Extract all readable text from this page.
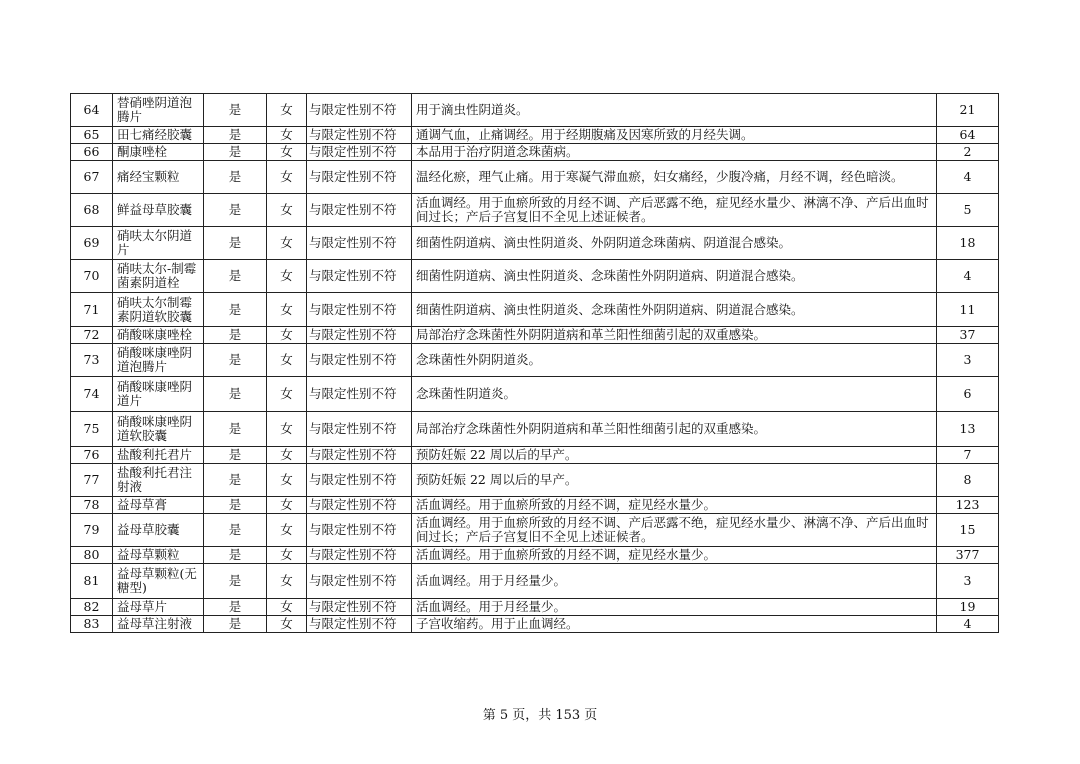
64	替硝唑阴道泡腾片	是	女	与限定性别不符	用于滴虫性阴道炎。	21
65	田七痛经胶囊	是	女	与限定性别不符	通调气血，止痛调经。用于经期腹痛及因寒所致的月经失调。	64
66	酮康唑栓	是	女	与限定性别不符	本品用于治疗阴道念珠菌病。	2
67	痛经宝颗粒	是	女	与限定性别不符	温经化瘀，理气止痛。用于寒凝气滞血瘀，妇女痛经，少腹冷痛，月经不调，经色暗淡。	4
68	鲜益母草胶囊	是	女	与限定性别不符	活血调经。用于血瘀所致的月经不调、产后恶露不绝，症见经水量少、淋漓不净、产后出血时间过长；产后子宫复旧不全见上述证候者。	5
69	硝呋太尔阴道片	是	女	与限定性别不符	细菌性阴道病、滴虫性阴道炎、外阴阴道念珠菌病、阴道混合感染。	18
70	硝呋太尔-制霉菌素阴道栓	是	女	与限定性别不符	细菌性阴道病、滴虫性阴道炎、念珠菌性外阴阴道病、阴道混合感染。	4
71	硝呋太尔制霉素阴道软胶囊	是	女	与限定性别不符	细菌性阴道病、滴虫性阴道炎、念珠菌性外阴阴道病、阴道混合感染。	11
72	硝酸咪康唑栓	是	女	与限定性别不符	局部治疗念珠菌性外阴阴道病和革兰阳性细菌引起的双重感染。	37
73	硝酸咪康唑阴道泡腾片	是	女	与限定性别不符	念珠菌性外阴阴道炎。	3
74	硝酸咪康唑阴道片	是	女	与限定性别不符	念珠菌性阴道炎。	6
75	硝酸咪康唑阴道软胶囊	是	女	与限定性别不符	局部治疗念珠菌性外阴阴道病和革兰阳性细菌引起的双重感染。	13
76	盐酸利托君片	是	女	与限定性别不符	预防妊娠 22 周以后的早产。	7
77	盐酸利托君注射液	是	女	与限定性别不符	预防妊娠 22 周以后的早产。	8
78	益母草膏	是	女	与限定性别不符	活血调经。用于血瘀所致的月经不调，症见经水量少。	123
79	益母草胶囊	是	女	与限定性别不符	活血调经。用于血瘀所致的月经不调、产后恶露不绝，症见经水量少、淋漓不净、产后出血时间过长；产后子宫复旧不全见上述证候者。	15
80	益母草颗粒	是	女	与限定性别不符	活血调经。用于血瘀所致的月经不调，症见经水量少。	377
81	益母草颗粒(无糖型)	是	女	与限定性别不符	活血调经。用于月经量少。	3
82	益母草片	是	女	与限定性别不符	活血调经。用于月经量少。	19
83	益母草注射液	是	女	与限定性别不符	子宫收缩药。用于止血调经。	4
第 5 页，共 153 页
